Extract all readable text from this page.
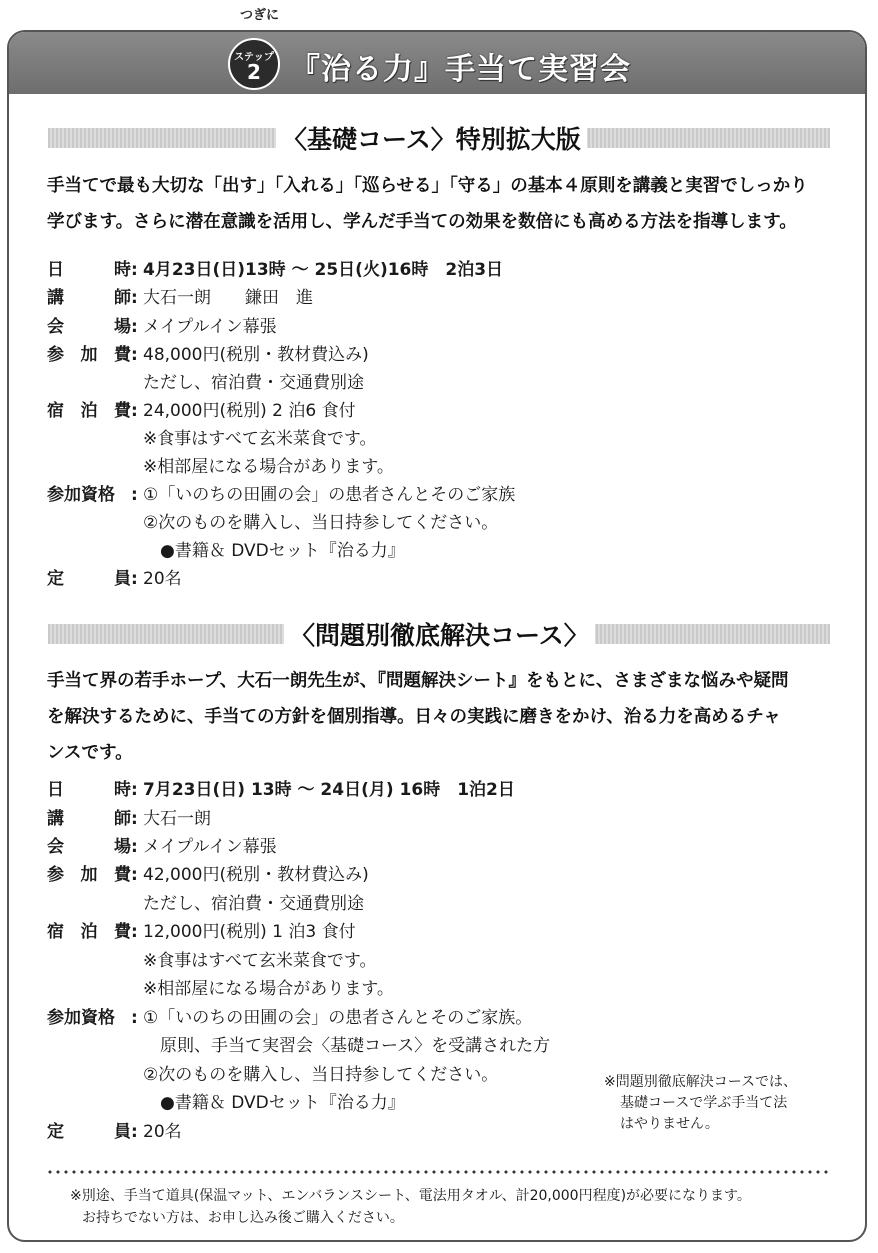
つぎに
ステップ
2 『治る力』手当て実習会
〈基礎コース〉特別拡大版
手当てで最も大切な「出す」「入れる」「巡らせる」「守る」の基本４原則を講義と実習でしっかり
学びます。さらに潜在意識を活用し、学んだ手当ての効果を数倍にも高める方法を指導します。
日	時 : 4月23日(日)13時 〜 25日(火)16時　2泊3日
講	師 : 大石一朗　　鎌田　進
会	場 : メイプルイン幕張
参 加 費 : 48,000円(税別・教材費込み)
ただし、宿泊費・交通費別途
宿 泊 費 : 24,000円(税別) 2 泊6 食付
※食事はすべて玄米菜食です。
※相部屋になる場合があります。
参加資格 : ①「いのちの田圃の会」の患者さんとそのご家族
②次のものを購入し、当日持参してください。
●書籍＆ DVDセット『治る力』
定	員 : 20名
〈問題別徹底解決コース〉
手当て界の若手ホープ、大石一朗先生が、『問題解決シート』をもとに、さまざまな悩みや疑問
を解決するために、手当ての方針を個別指導。日々の実践に磨きをかけ、治る力を高めるチャ
ンスです。
日	時 : 7月23日(日) 13時 〜 24日(月) 16時　1泊2日
講	師 : 大石一朗
会	場 : メイプルイン幕張
参 加 費 : 42,000円(税別・教材費込み)
ただし、宿泊費・交通費別途
宿 泊 費 : 12,000円(税別) 1 泊3 食付
※食事はすべて玄米菜食です。
※相部屋になる場合があります。
参加資格 : ①「いのちの田圃の会」の患者さんとそのご家族。
原則、手当て実習会〈基礎コース〉を受講された方
②次のものを購入し、当日持参してください。
●書籍＆ DVDセット『治る力』
定	員 : 20名
※問題別徹底解決コースでは、
基礎コースで学ぶ手当て法
はやりません。
※別途、手当て道具(保温マット、エンバランスシート、電法用タオル、計20,000円程度)が必要になります。
お持ちでない方は、お申し込み後ご購入ください。
